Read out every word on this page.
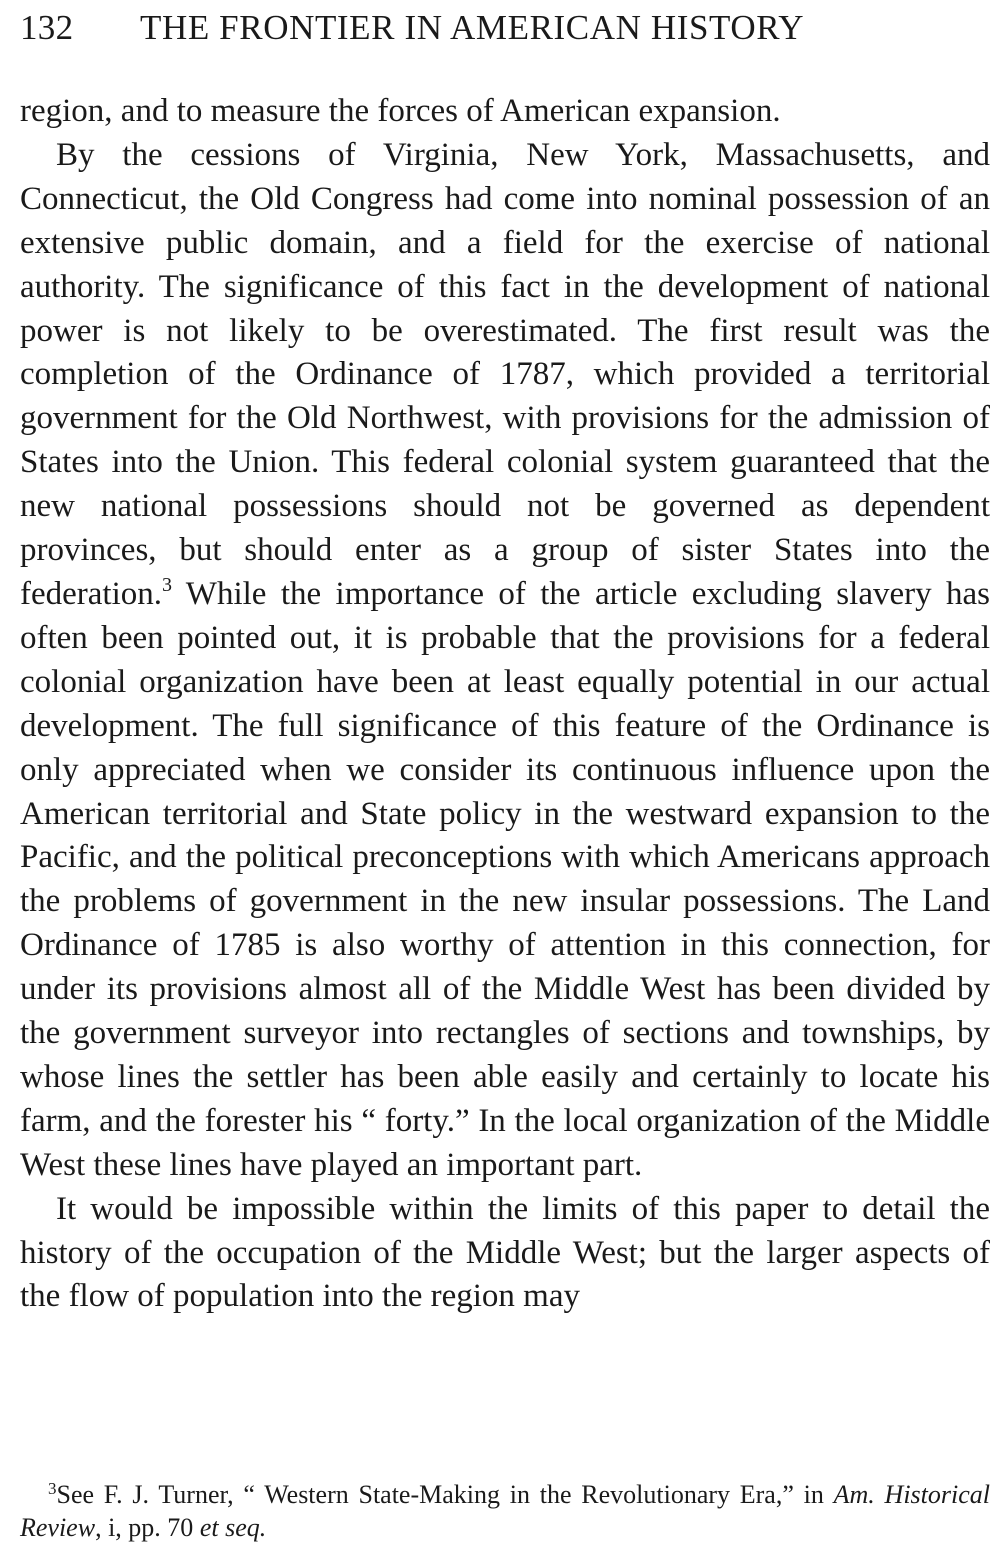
132 THE FRONTIER IN AMERICAN HISTORY

region, and to measure the forces of American expansion.

By the cessions of Virginia, New York, Massachusetts, and Connecticut, the Old Congress had come into nominal possession of an extensive public domain, and a field for the exercise of national authority. The significance of this fact in the development of national power is not likely to be overestimated. The first result was the completion of the Ordinance of 1787, which provided a territorial government for the Old Northwest, with provisions for the admission of States into the Union. This federal colonial system guaranteed that the new national possessions should not be governed as dependent provinces, but should enter as a group of sister States into the federation.$^3$ While the importance of the article excluding slavery has often been pointed out, it is probable that the provisions for a federal colonial organization have been at least equally potential in our actual development. The full significance of this feature of the Ordinance is only appreciated when we consider its continuous influence upon the American territorial and State policy in the westward expansion to the Pacific, and the political preconceptions with which Americans approach the problems of government in the new insular possessions. The Land Ordinance of 1785 is also worthy of attention in this connection, for under its provisions almost all of the Middle West has been divided by the government surveyor into rectangles of sections and townships, by whose lines the settler has been able easily and certainly to locate his farm, and the forester his “ forty.” In the local organization of the Middle West these lines have played an important part.

It would be impossible within the limits of this paper to detail the history of the occupation of the Middle West; but the larger aspects of the flow of population into the region may

$^3$See F. J. Turner, “ Western State-Making in the Revolutionary Era,” in Am. Historical Review, i, pp. 70 et seq.
